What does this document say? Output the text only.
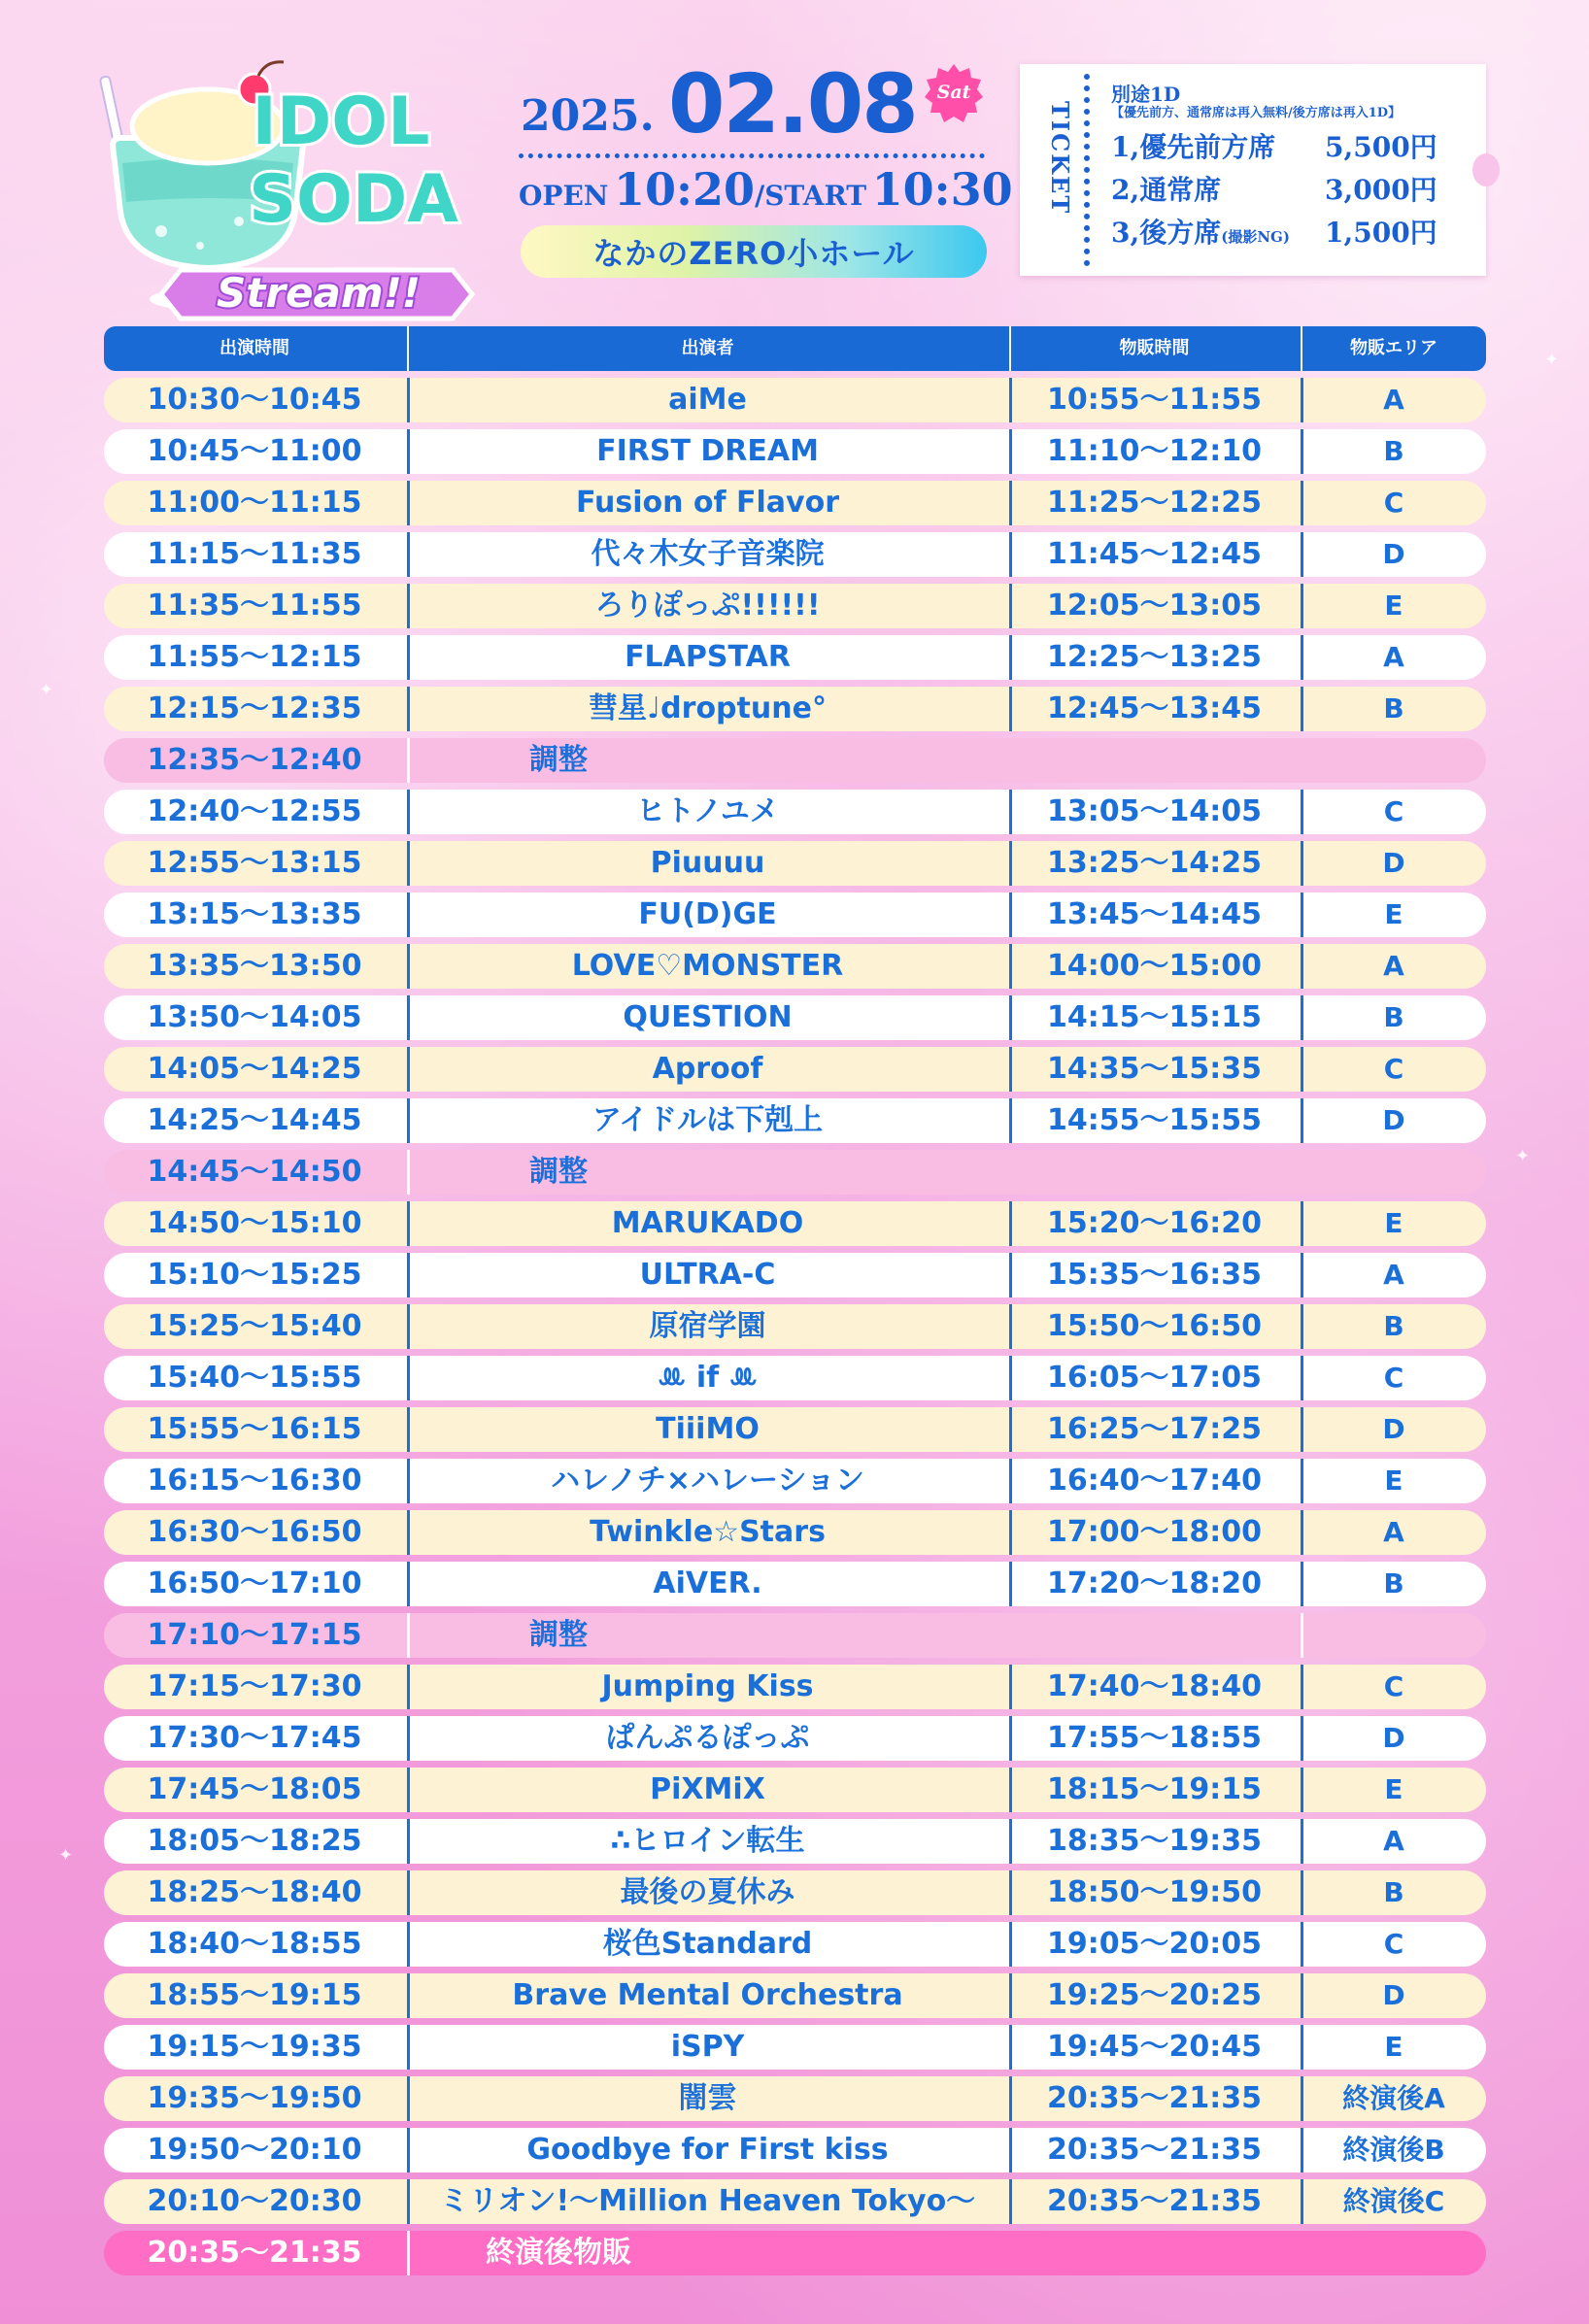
✦
✦
✦
✦
IDOL
SODA
Stream!!
2025. 02.08	Sat
OPEN 10:20/START 10:30
なかのZERO小ホール
TICKET
別途1D
【優先前方、通常席は再入無料/後方席は再入1D】
1,優先前方席 5,500円
2,通常席	3,000円
3,後方席(撮影NG) 1,500円
出演時間	出演者	物販時間	物販エリア
10:30〜10:45	aiMe	10:55〜11:55	A
10:45〜11:00	FIRST DREAM	11:10〜12:10	B
11:00〜11:15	Fusion of Flavor	11:25〜12:25	C
11:15〜11:35	代々木女子音楽院	11:45〜12:45	D
11:35〜11:55	ろりぽっぷ!!!!!!	12:05〜13:05	E
11:55〜12:15	FLAPSTAR	12:25〜13:25	A
12:15〜12:35	彗星♩droptune°	12:45〜13:45	B
12:35〜12:40	調整
12:40〜12:55	ヒトノユメ	13:05〜14:05	C
12:55〜13:15	Piuuuu	13:25〜14:25	D
13:15〜13:35	FU(D)GE	13:45〜14:45	E
13:35〜13:50	LOVE♡MONSTER	14:00〜15:00	A
13:50〜14:05	QUESTION	14:15〜15:15	B
14:05〜14:25	Aproof	14:35〜15:35	C
14:25〜14:45	アイドルは下剋上	14:55〜15:55	D
14:45〜14:50	調整
14:50〜15:10	MARUKADO	15:20〜16:20	E
15:10〜15:25	ULTRA-C	15:35〜16:35	A
15:25〜15:40	原宿学園	15:50〜16:50	B
15:40〜15:55	ꔛ if ꔛ	16:05〜17:05	C
15:55〜16:15	TiiiMO	16:25〜17:25	D
16:15〜16:30	ハレノチ×ハレーション	16:40〜17:40	E
16:30〜16:50	Twinkle☆Stars	17:00〜18:00	A
16:50〜17:10	AiVER.	17:20〜18:20	B
17:10〜17:15	調整
17:15〜17:30	Jumping Kiss	17:40〜18:40	C
17:30〜17:45	ぱんぷるぽっぷ	17:55〜18:55	D
17:45〜18:05	PiXMiX	18:15〜19:15	E
18:05〜18:25	∴ヒロイン転生	18:35〜19:35	A
18:25〜18:40	最後の夏休み	18:50〜19:50	B
18:40〜18:55	桜色Standard	19:05〜20:05	C
18:55〜19:15	Brave Mental Orchestra	19:25〜20:25	D
19:15〜19:35	iSPY	19:45〜20:45	E
19:35〜19:50	闇雲	20:35〜21:35	終演後A
19:50〜20:10	Goodbye for First kiss	20:35〜21:35	終演後B
20:10〜20:30	ミリオン!〜Million Heaven Tokyo〜	20:35〜21:35	終演後C
20:35〜21:35	終演後物販
